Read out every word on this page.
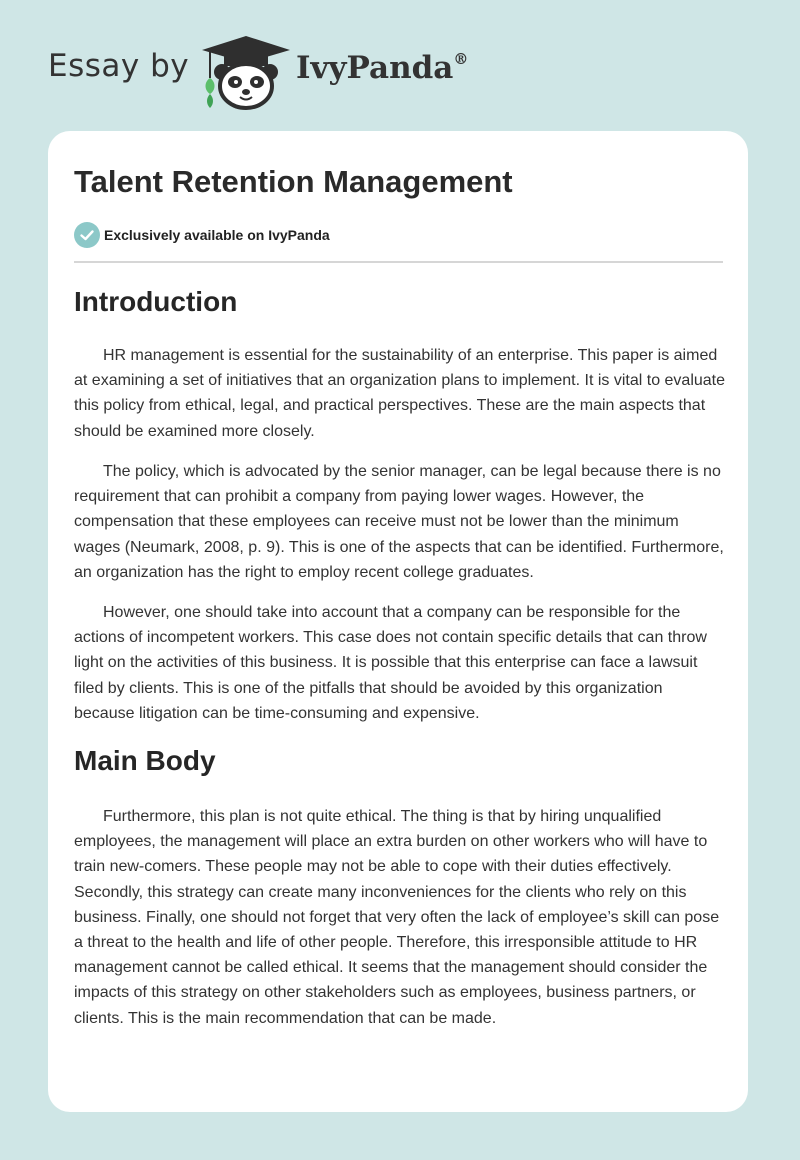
Essay by	IvyPanda®
Talent Retention Management
Exclusively available on IvyPanda
Introduction

HR management is essential for the sustainability of an enterprise. This paper is aimed at examining a set of initiatives that an organization plans to implement. It is vital to evaluate this policy from ethical, legal, and practical perspectives. These are the main aspects that should be examined more closely.

The policy, which is advocated by the senior manager, can be legal because there is no requirement that can prohibit a company from paying lower wages. However, the compensation that these employees can receive must not be lower than the minimum wages (Neumark, 2008, p. 9). This is one of the aspects that can be identified. Furthermore, an organization has the right to employ recent college graduates.

However, one should take into account that a company can be responsible for the actions of incompetent workers. This case does not contain specific details that can throw light on the activities of this business. It is possible that this enterprise can face a lawsuit filed by clients. This is one of the pitfalls that should be avoided by this organization because litigation can be time-consuming and expensive.

Main Body

Furthermore, this plan is not quite ethical. The thing is that by hiring unqualified employees, the management will place an extra burden on other workers who will have to train new-comers. These people may not be able to cope with their duties effectively. Secondly, this strategy can create many inconveniences for the clients who rely on this business. Finally, one should not forget that very often the lack of employee’s skill can pose a threat to the health and life of other people. Therefore, this irresponsible attitude to HR management cannot be called ethical. It seems that the management should consider the impacts of this strategy on other stakeholders such as employees, business partners, or clients. This is the main recommendation that can be made.
